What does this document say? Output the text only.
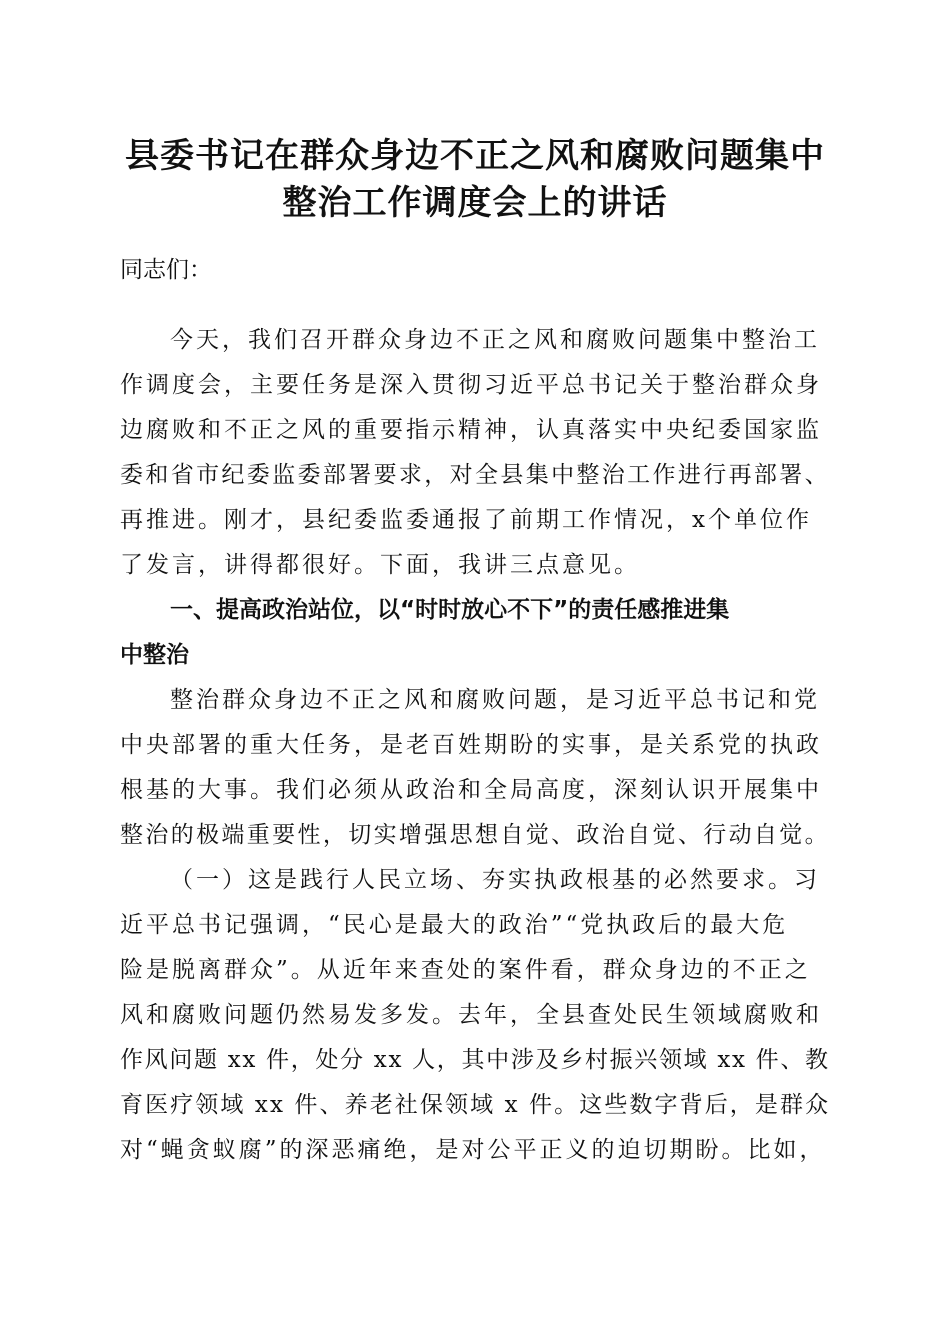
县委书记在群众身边不正之风和腐败问题集中
整治工作调度会上的讲话
同志们：
今天，我们召开群众身边不正之风和腐败问题集中整治工
作调度会，主要任务是深入贯彻习近平总书记关于整治群众身
边腐败和不正之风的重要指示精神，认真落实中央纪委国家监
委和省市纪委监委部署要求，对全县集中整治工作进行再部署、
再推进。刚才，县纪委监委通报了前期工作情况，x个单位作
了发言，讲得都很好。下面，我讲三点意见。
一、提高政治站位，以“时时放心不下”的责任感推进集
中整治
整治群众身边不正之风和腐败问题，是习近平总书记和党
中央部署的重大任务，是老百姓期盼的实事，是关系党的执政
根基的大事。我们必须从政治和全局高度，深刻认识开展集中
整治的极端重要性，切实增强思想自觉、政治自觉、行动自觉。
（一）这是践行人民立场、夯实执政根基的必然要求。习
近平总书记强调，“民心是最大的政治”“党执政后的最大危
险是脱离群众”。从近年来查处的案件看，群众身边的不正之
风和腐败问题仍然易发多发。去年，全县查处民生领域腐败和
作风问题 xx 件，处分 xx 人，其中涉及乡村振兴领域 xx 件、教
育医疗领域 xx 件、养老社保领域 x 件。这些数字背后，是群众
对“蝇贪蚁腐”的深恶痛绝，是对公平正义的迫切期盼。比如，
